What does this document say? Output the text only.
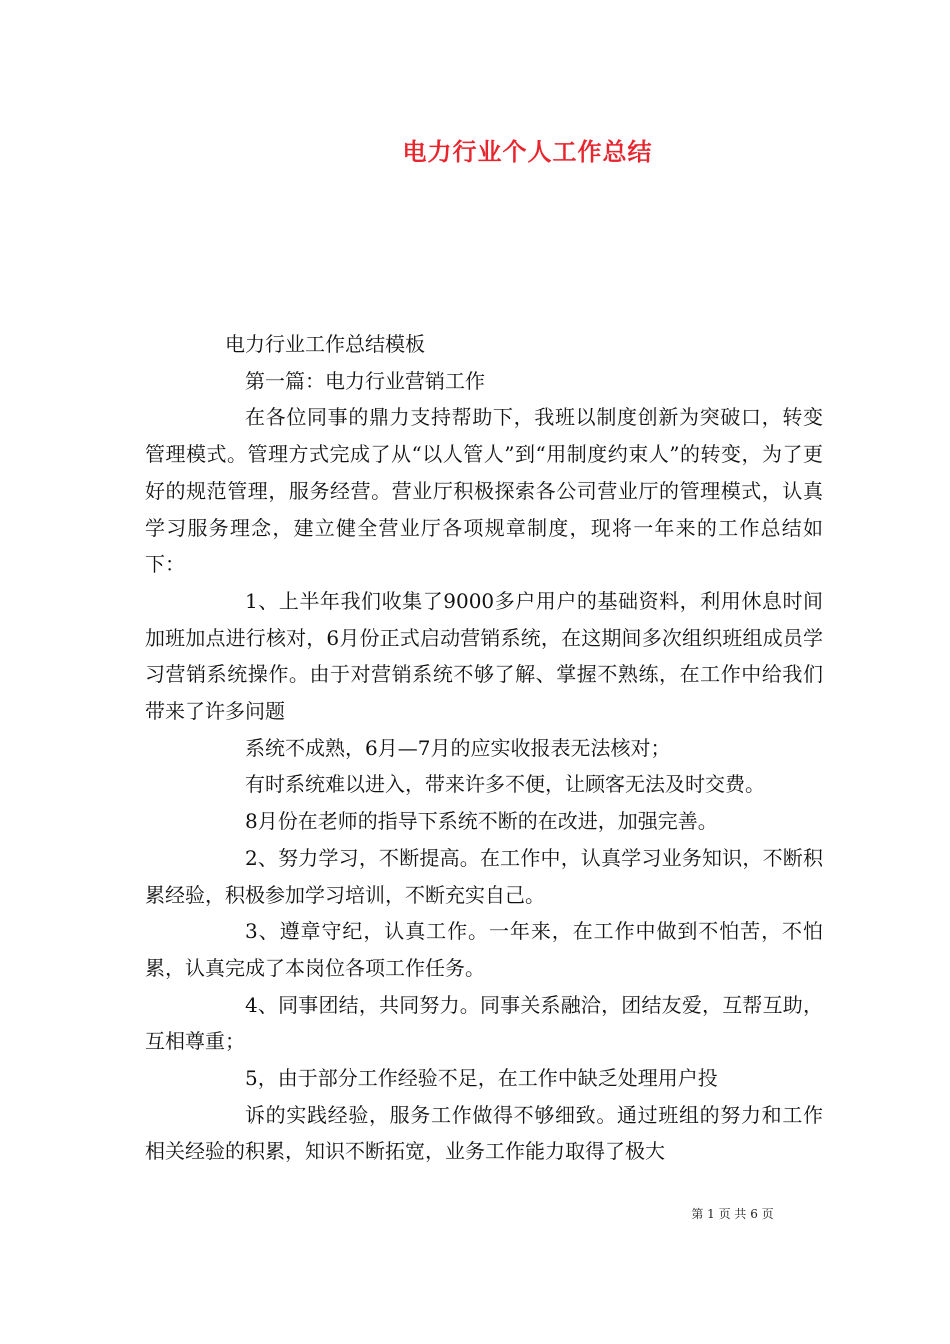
电力行业个人工作总结

电力行业工作总结模板

第一篇：电力行业营销工作

在各位同事的鼎力支持帮助下，我班以制度创新为突破口，转变管理模式。管理方式完成了从“以人管人”到“用制度约束人”的转变，为了更好的规范管理，服务经营。营业厅积极探索各公司营业厅的管理模式，认真学习服务理念，建立健全营业厅各项规章制度，现将一年来的工作总结如下：

1、上半年我们收集了9000多户用户的基础资料，利用休息时间加班加点进行核对，6月份正式启动营销系统，在这期间多次组织班组成员学习营销系统操作。由于对营销系统不够了解、掌握不熟练，在工作中给我们带来了许多问题

系统不成熟，6月—7月的应实收报表无法核对；

有时系统难以进入，带来许多不便，让顾客无法及时交费。

8月份在老师的指导下系统不断的在改进，加强完善。

2、努力学习，不断提高。在工作中，认真学习业务知识，不断积累经验，积极参加学习培训，不断充实自己。

3、遵章守纪，认真工作。一年来，在工作中做到不怕苦，不怕累，认真完成了本岗位各项工作任务。

4、同事团结，共同努力。同事关系融洽，团结友爱，互帮互助，互相尊重；

5，由于部分工作经验不足，在工作中缺乏处理用户投

诉的实践经验，服务工作做得不够细致。通过班组的努力和工作相关经验的积累，知识不断拓宽，业务工作能力取得了极大

第 1 页 共 6 页
